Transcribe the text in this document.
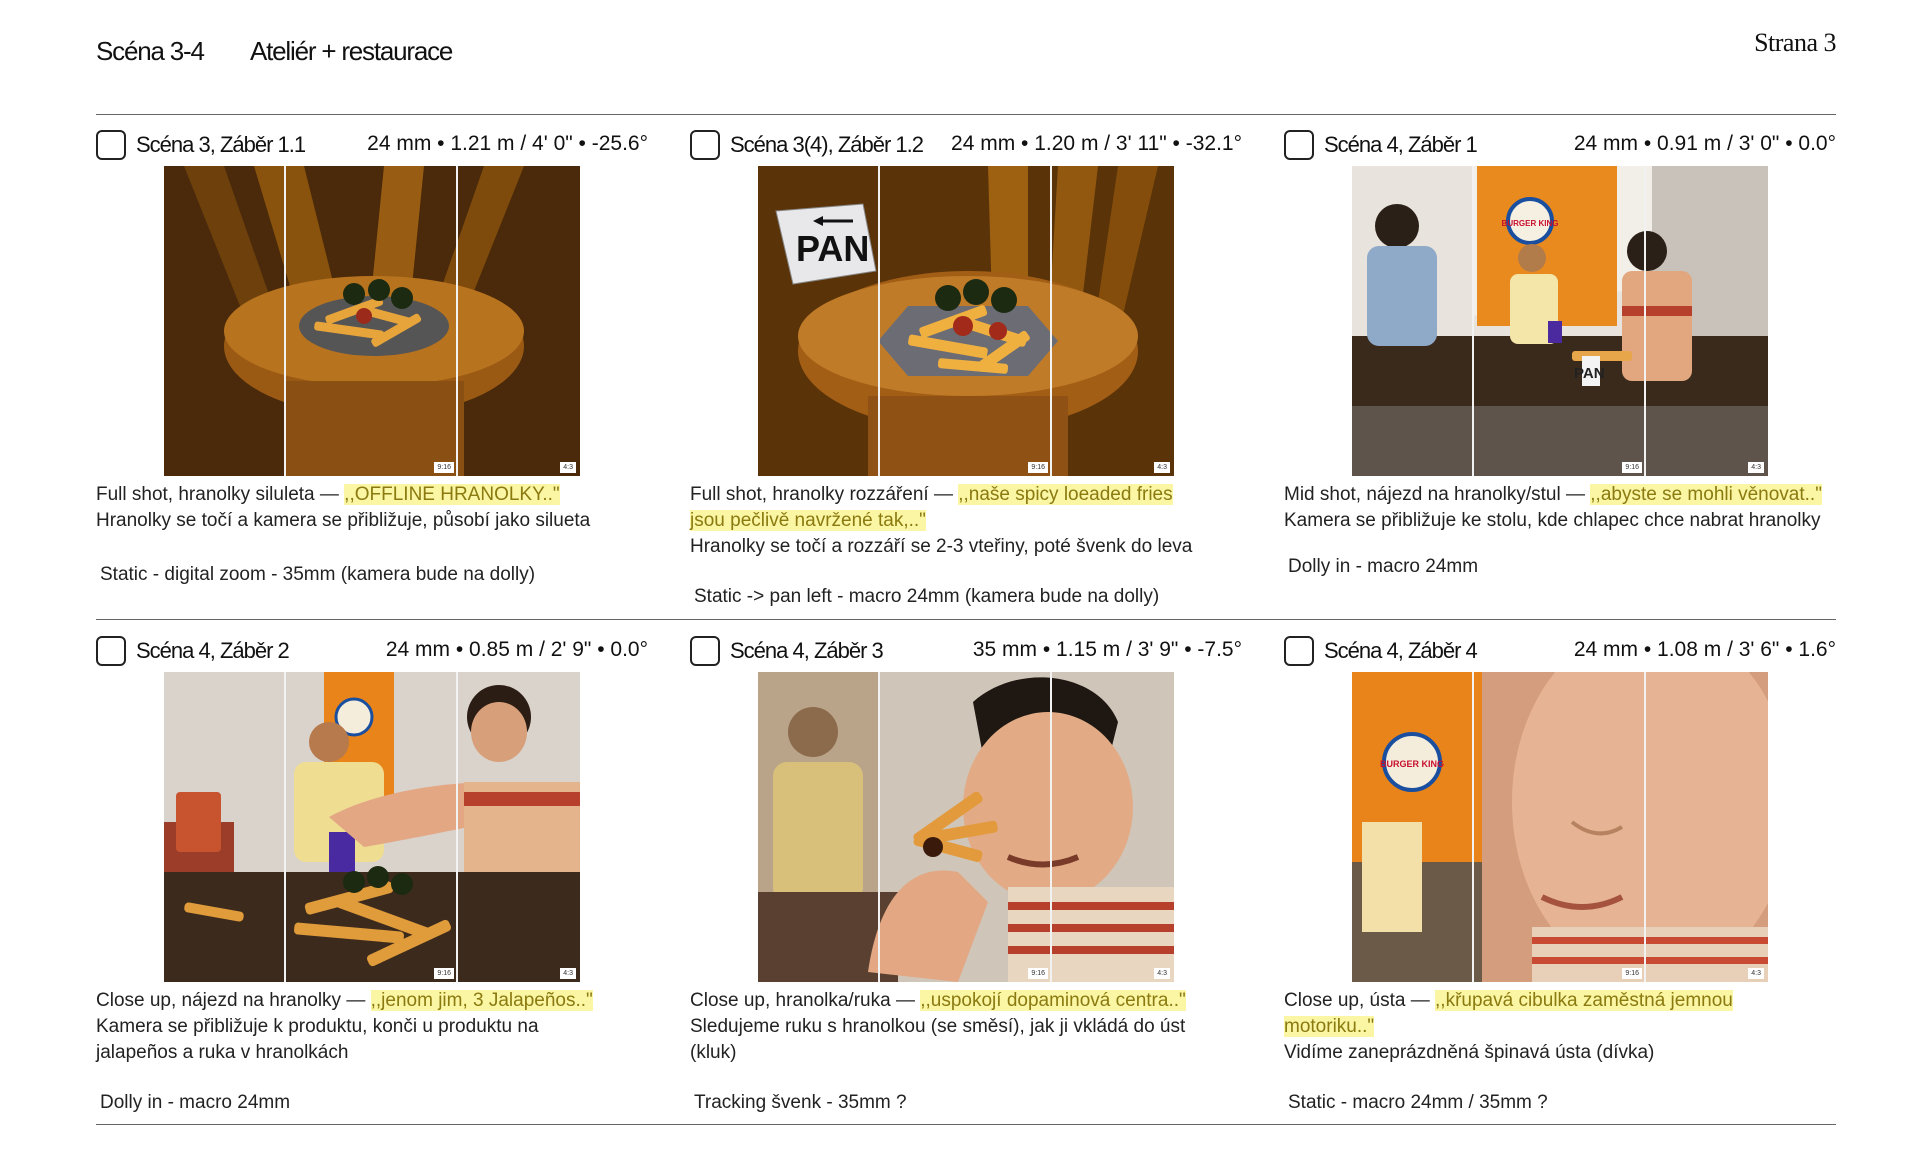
Scéna 3-4 Ateliér + restaurace	Strana 3
Scéna 3, Záběr 1.1	24 mm • 1.21 m / 4' 0" • -25.6°
9:16	4:3
Full shot, hranolky siluleta — ,,OFFLINE HRANOLKY.."
Hranolky se točí a kamera se přibližuje, působí jako silueta
Static - digital zoom - 35mm (kamera bude na dolly)
Scéna 3(4), Záběr 1.2 24 mm • 1.20 m / 3' 11" • -32.1°
PAN
9:16	4:3
Full shot, hranolky rozzáření — ,,naše spicy loeaded fries
jsou pečlivě navržené tak,.."
Hranolky se točí a rozzáří se 2-3 vteřiny, poté švenk do leva
Static -> pan left - macro 24mm (kamera bude na dolly)
Scéna 4, Záběr 1	24 mm • 0.91 m / 3' 0" • 0.0°
BURGER KING
PAN
9:16	4:3
Mid shot, nájezd na hranolky/stul — ,,abyste se mohli věnovat.."
Kamera se přibližuje ke stolu, kde chlapec chce nabrat hranolky
Dolly in - macro 24mm
Scéna 4, Záběr 2	24 mm • 0.85 m / 2' 9" • 0.0°
9:16	4:3
Close up, nájezd na hranolky — ,,jenom jim, 3 Jalapeños.."
Kamera se přibližuje k produktu, konči u produktu na
jalapeños a ruka v hranolkách
Dolly in - macro 24mm
Scéna 4, Záběr 3	35 mm • 1.15 m / 3' 9" • -7.5°
9:16	4:3
Close up, hranolka/ruka — ,,uspokojí dopaminová centra.."
Sledujeme ruku s hranolkou (se směsí), jak ji vkládá do úst
(kluk)
Tracking švenk - 35mm ?
Scéna 4, Záběr 4	24 mm • 1.08 m / 3' 6" • 1.6°
BURGER KING
9:16	4:3
Close up, ústa — ,,křupavá cibulka zaměstná jemnou
motoriku.."
Vidíme zaneprázdněná špinavá ústa (dívka)
Static - macro 24mm / 35mm ?
